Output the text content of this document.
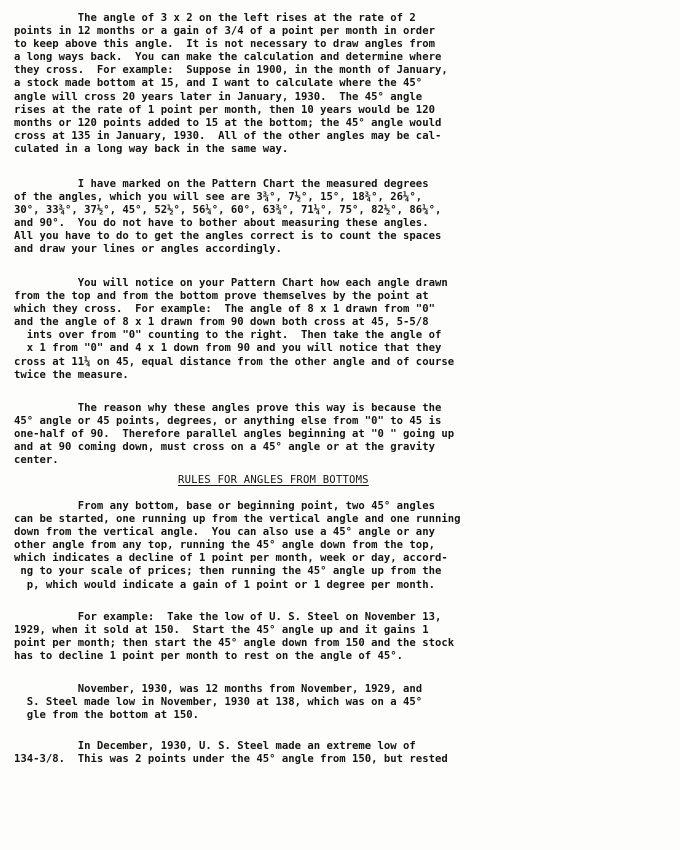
The angle of 3 x 2 on the left rises at the rate of 2
points in 12 months or a gain of 3/4 of a point per month in order
to keep above this angle.  It is not necessary to draw angles from
a long ways back.  You can make the calculation and determine where
they cross.  For example:  Suppose in 1900, in the month of January,
a stock made bottom at 15, and I want to calculate where the 45°
angle will cross 20 years later in January, 1930.  The 45° angle
rises at the rate of 1 point per month, then 10 years would be 120
months or 120 points added to 15 at the bottom; the 45° angle would
cross at 135 in January, 1930.  All of the other angles may be cal-
culated in a long way back in the same way.
I have marked on the Pattern Chart the measured degrees
of the angles, which you will see are 3¾°, 7½°, 15°, 18¾°, 26¼°,
30°, 33¾°, 37½°, 45°, 52½°, 56¼°, 60°, 63¾°, 71¼°, 75°, 82½°, 86¼°,
and 90°.  You do not have to bother about measuring these angles.
All you have to do to get the angles correct is to count the spaces
and draw your lines or angles accordingly.
You will notice on your Pattern Chart how each angle drawn
from the top and from the bottom prove themselves by the point at
which they cross.  For example:  The angle of 8 x 1 drawn from "0"
and the angle of 8 x 1 drawn from 90 down both cross at 45, 5-5/8
ints over from "0" counting to the right.  Then take the angle of
x 1 from "0" and 4 x 1 down from 90 and you will notice that they
cross at 11¼ on 45, equal distance from the other angle and of course
twice the measure.
The reason why these angles prove this way is because the
45° angle or 45 points, degrees, or anything else from "0" to 45 is
one-half of 90.  Therefore parallel angles beginning at "0 " going up
and at 90 coming down, must cross on a 45° angle or at the gravity
center.
RULES FOR ANGLES FROM BOTTOMS
From any bottom, base or beginning point, two 45° angles
can be started, one running up from the vertical angle and one running
down from the vertical angle.  You can also use a 45° angle or any
other angle from any top, running the 45° angle down from the top,
which indicates a decline of 1 point per month, week or day, accord-
ng to your scale of prices; then running the 45° angle up from the
p, which would indicate a gain of 1 point or 1 degree per month.
For example:  Take the low of U. S. Steel on November 13,
1929, when it sold at 150.  Start the 45° angle up and it gains 1
point per month; then start the 45° angle down from 150 and the stock
has to decline 1 point per month to rest on the angle of 45°.
November, 1930, was 12 months from November, 1929, and
S. Steel made low in November, 1930 at 138, which was on a 45°
gle from the bottom at 150.
In December, 1930, U. S. Steel made an extreme low of
134-3/8.  This was 2 points under the 45° angle from 150, but rested
